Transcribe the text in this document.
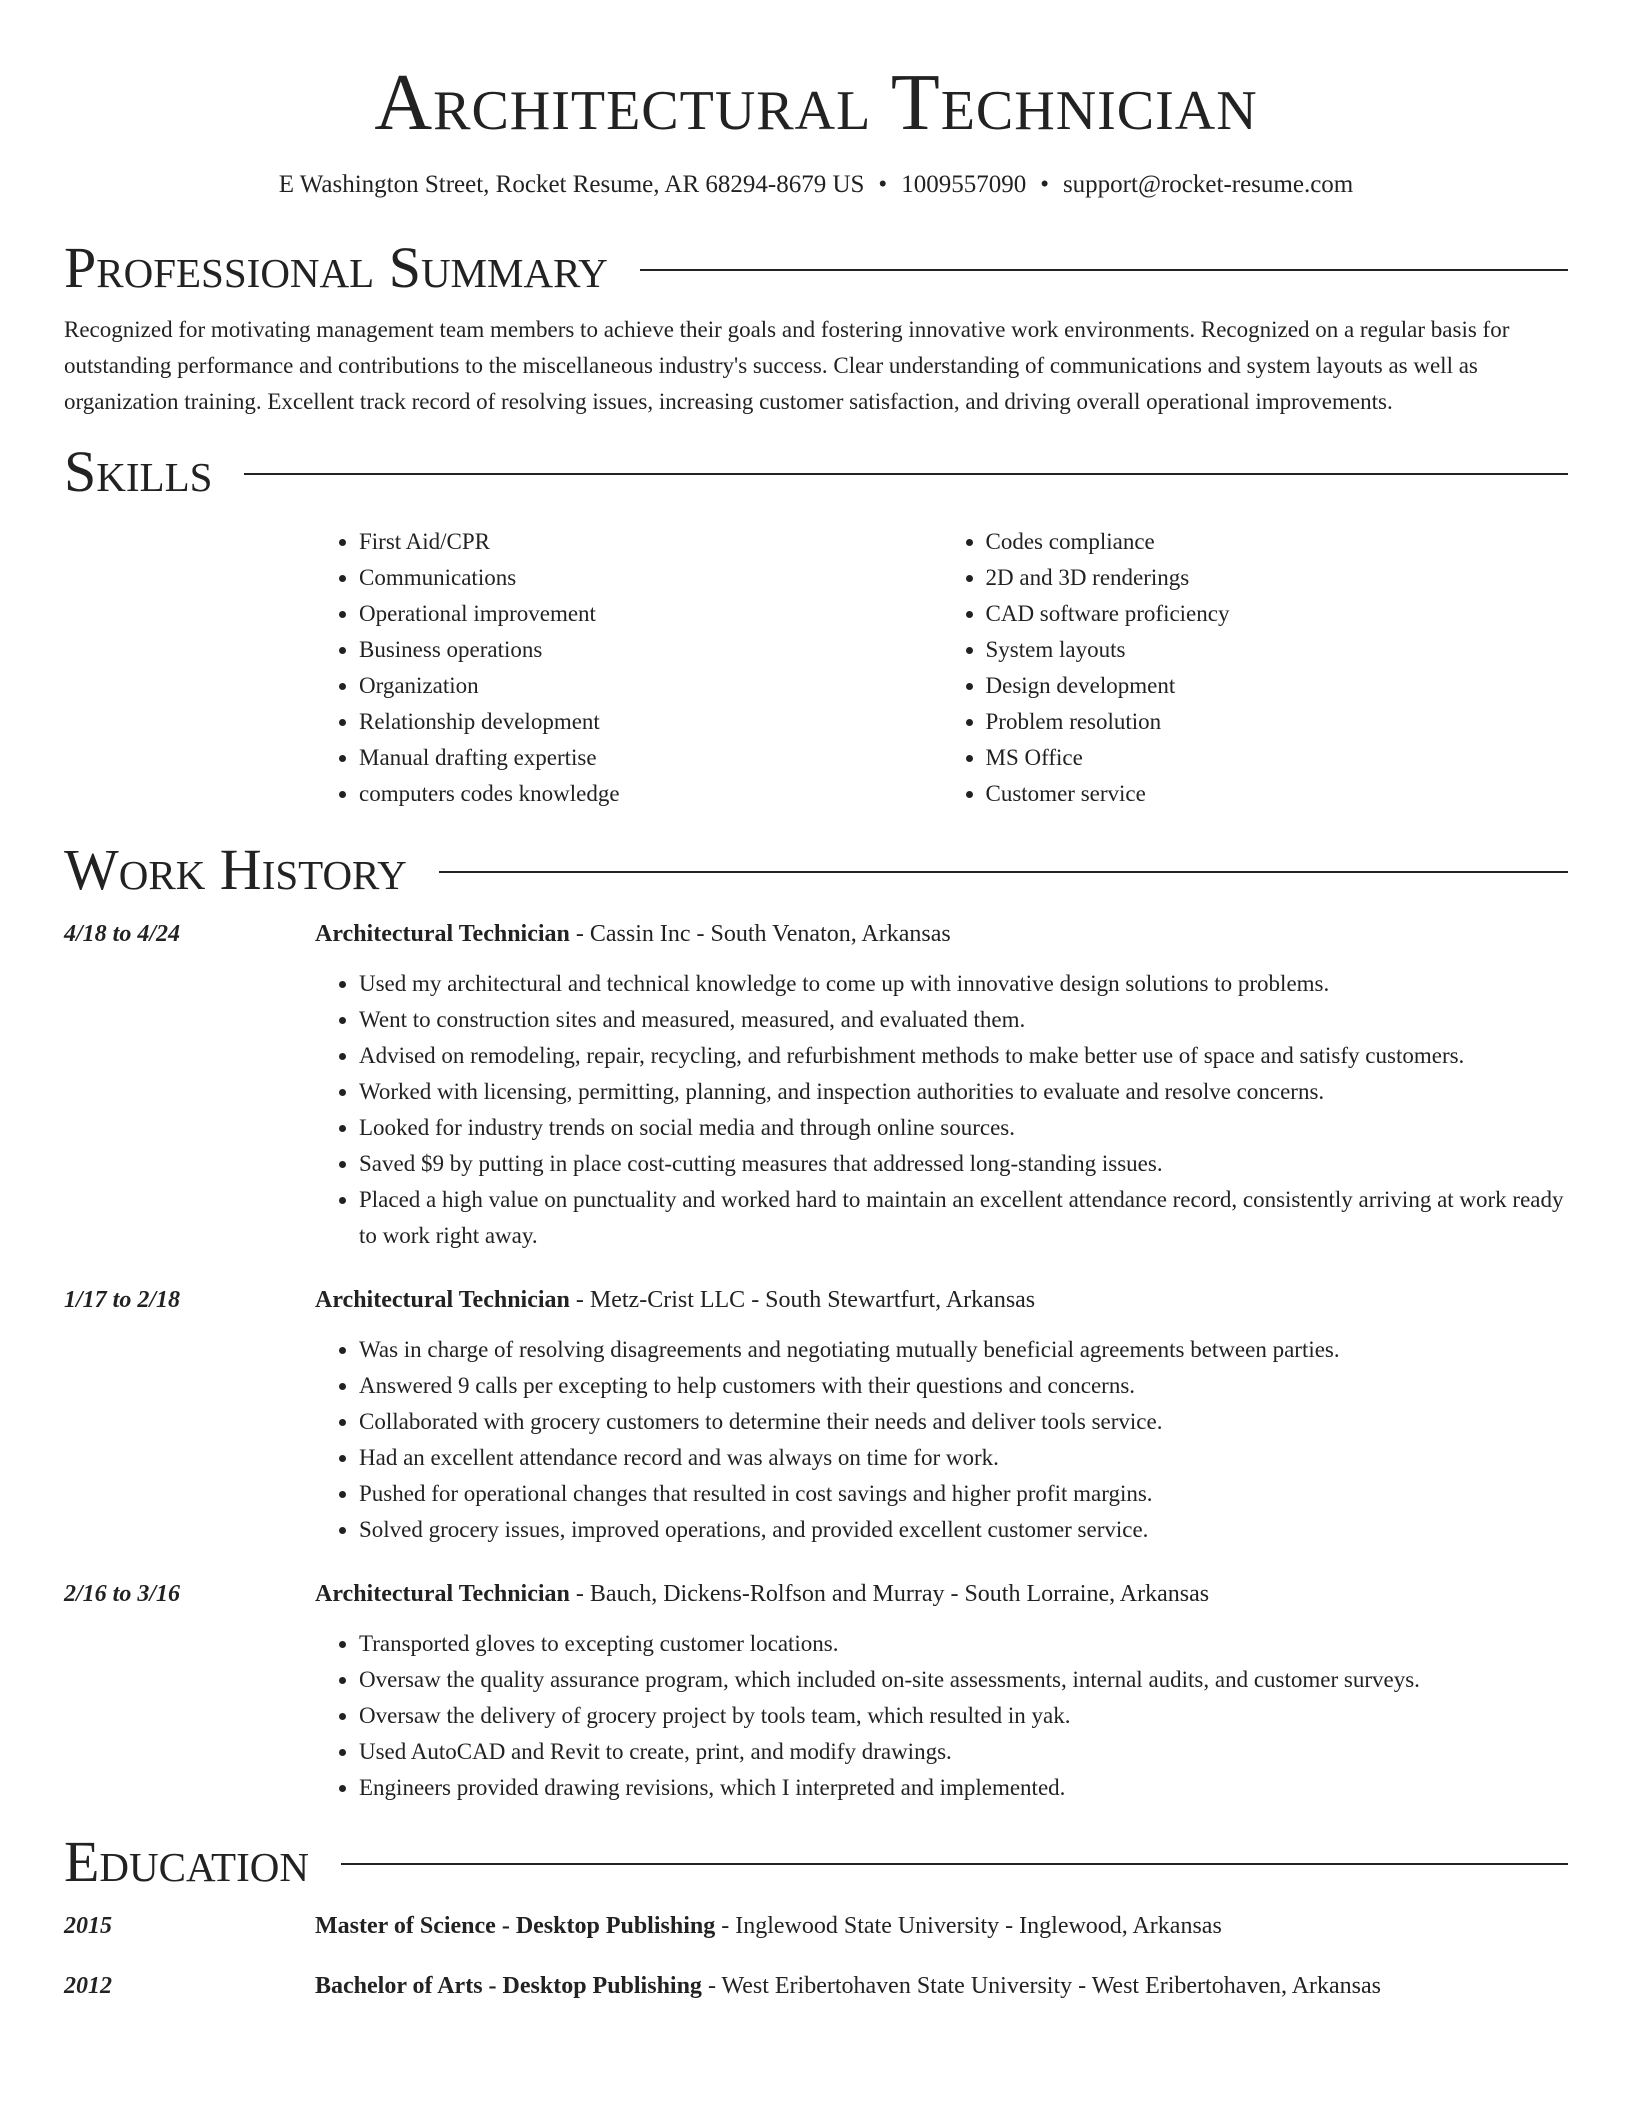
Architectural Technician
E Washington Street, Rocket Resume, AR 68294-8679 US • 1009557090 • support@rocket-resume.com
Professional Summary

Recognized for motivating management team members to achieve their goals and fostering innovative work environments. Recognized on a regular basis for outstanding performance and contributions to the miscellaneous industry's success. Clear understanding of communications and system layouts as well as organization training. Excellent track record of resolving issues, increasing customer satisfaction, and driving overall operational improvements.

Skills
• First Aid/CPR
• Communications
• Operational improvement
• Business operations
• Organization
• Relationship development
• Manual drafting expertise
• computers codes knowledge
• Codes compliance
• 2D and 3D renderings
• CAD software proficiency
• System layouts
• Design development
• Problem resolution
• MS Office
• Customer service
Work History
4/18 to 4/24	Architectural Technician - Cassin Inc - South Venaton, Arkansas
• Used my architectural and technical knowledge to come up with innovative design solutions to problems.
• Went to construction sites and measured, measured, and evaluated them.
• Advised on remodeling, repair, recycling, and refurbishment methods to make better use of space and satisfy customers.
• Worked with licensing, permitting, planning, and inspection authorities to evaluate and resolve concerns.
• Looked for industry trends on social media and through online sources.
• Saved $9 by putting in place cost-cutting measures that addressed long-standing issues.
• Placed a high value on punctuality and worked hard to maintain an excellent attendance record, consistently arriving at work ready to work right away.
1/17 to 2/18	Architectural Technician - Metz-Crist LLC - South Stewartfurt, Arkansas
• Was in charge of resolving disagreements and negotiating mutually beneficial agreements between parties.
• Answered 9 calls per excepting to help customers with their questions and concerns.
• Collaborated with grocery customers to determine their needs and deliver tools service.
• Had an excellent attendance record and was always on time for work.
• Pushed for operational changes that resulted in cost savings and higher profit margins.
• Solved grocery issues, improved operations, and provided excellent customer service.
2/16 to 3/16	Architectural Technician - Bauch, Dickens-Rolfson and Murray - South Lorraine, Arkansas
• Transported gloves to excepting customer locations.
• Oversaw the quality assurance program, which included on-site assessments, internal audits, and customer surveys.
• Oversaw the delivery of grocery project by tools team, which resulted in yak.
• Used AutoCAD and Revit to create, print, and modify drawings.
• Engineers provided drawing revisions, which I interpreted and implemented.
Education
2015	Master of Science - Desktop Publishing - Inglewood State University - Inglewood, Arkansas
2012	Bachelor of Arts - Desktop Publishing - West Eribertohaven State University - West Eribertohaven, Arkansas
